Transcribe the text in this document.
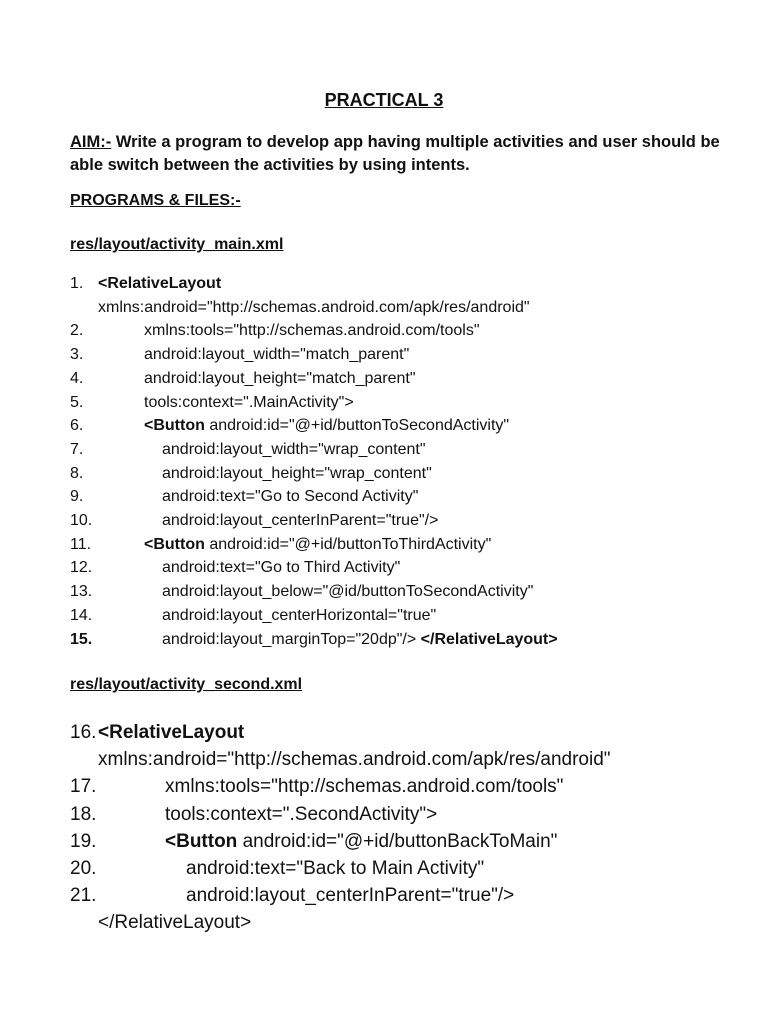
PRACTICAL 3
AIM:- Write a program to develop app having multiple activities and user should be able switch between the activities by using intents.
PROGRAMS & FILES:-
res/layout/activity_main.xml
1. <RelativeLayout
xmlns:android="http://schemas.android.com/apk/res/android"
2.	xmlns:tools="http://schemas.android.com/tools"
3.	android:layout_width="match_parent"
4.	android:layout_height="match_parent"
5.	tools:context=".MainActivity">
6.	<Button android:id="@+id/buttonToSecondActivity"
7.	android:layout_width="wrap_content"
8.	android:layout_height="wrap_content"
9.	android:text="Go to Second Activity"
10.	android:layout_centerInParent="true"/>
11.	<Button android:id="@+id/buttonToThirdActivity"
12.	android:text="Go to Third Activity"
13.	android:layout_below="@id/buttonToSecondActivity"
14.	android:layout_centerHorizontal="true"
15.	android:layout_marginTop="20dp"/> </RelativeLayout>
res/layout/activity_second.xml
16. <RelativeLayout
xmlns:android="http://schemas.android.com/apk/res/android"
17.	xmlns:tools="http://schemas.android.com/tools"
18.	tools:context=".SecondActivity">
19.	<Button android:id="@+id/buttonBackToMain"
20.	android:text="Back to Main Activity"
21.	android:layout_centerInParent="true"/>
</RelativeLayout>
